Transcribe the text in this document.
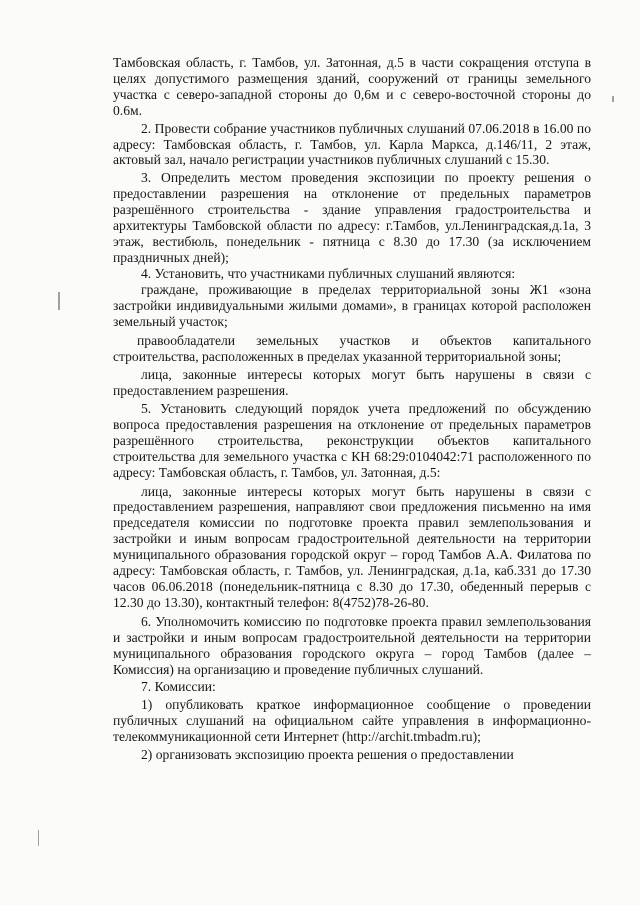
Тамбовская область, г. Тамбов, ул. Затонная, д.5 в части сокращения отступа в целях допустимого размещения зданий, сооружений от границы земельного участка с северо-западной стороны до 0,6м и с северо-восточной стороны до 0.6м.

2. Провести собрание участников публичных слушаний 07.06.2018 в 16.00 по адресу: Тамбовская область, г. Тамбов, ул. Карла Маркса, д.146/11, 2 этаж, актовый зал, начало регистрации участников публичных слушаний с 15.30.

3. Определить местом проведения экспозиции по проекту решения о предоставлении разрешения на отклонение от предельных параметров разрешённого строительства - здание управления градостроительства и архитектуры Тамбовской области по адресу: г.Тамбов, ул.Ленинградская,д.1а, 3 этаж, вестибюль, понедельник - пятница с 8.30 до 17.30 (за исключением праздничных дней);

4. Установить, что участниками публичных слушаний являются:

граждане, проживающие в пределах территориальной зоны Ж1 «зона застройки индивидуальными жилыми домами», в границах которой расположен земельный участок;

правообладатели земельных участков и объектов капитального строительства, расположенных в пределах указанной территориальной зоны;

лица, законные интересы которых могут быть нарушены в связи с предоставлением разрешения.

5. Установить следующий порядок учета предложений по обсуждению вопроса предоставления разрешения на отклонение от предельных параметров разрешённого строительства, реконструкции объектов капитального строительства для земельного участка с КН 68:29:0104042:71 расположенного по адресу: Тамбовская область, г. Тамбов, ул. Затонная, д.5:

лица, законные интересы которых могут быть нарушены в связи с предоставлением разрешения, направляют свои предложения письменно на имя председателя комиссии по подготовке проекта правил землепользования и застройки и иным вопросам градостроительной деятельности на территории муниципального образования городской округ – город Тамбов А.А. Филатова по адресу: Тамбовская область, г. Тамбов, ул. Ленинградская, д.1а, каб.331 до 17.30 часов 06.06.2018 (понедельник-пятница с 8.30 до 17.30, обеденный перерыв с 12.30 до 13.30), контактный телефон: 8(4752)78-26-80.

6. Уполномочить комиссию по подготовке проекта правил землепользования и застройки и иным вопросам градостроительной деятельности на территории муниципального образования городского округа – город Тамбов (далее – Комиссия) на организацию и проведение публичных слушаний.

7. Комиссии:

1) опубликовать краткое информационное сообщение о проведении публичных слушаний на официальном сайте управления в информационно-телекоммуникационной сети Интернет (http://archit.tmbadm.ru);

2) организовать экспозицию проекта решения о предоставлении
